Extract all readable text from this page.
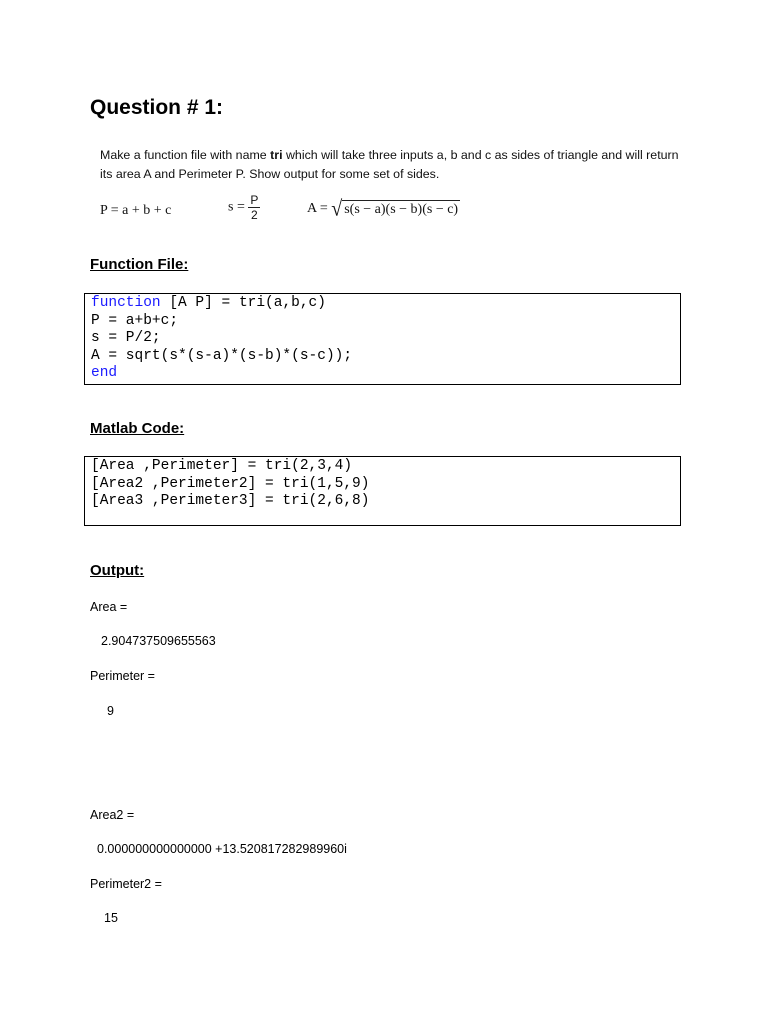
Question # 1:
Make a function file with name tri which will take three inputs a, b and c as sides of triangle and will return its area A and Perimeter P. Show output for some set of sides.
P = a + b + c	$s = \frac{P}{2}$	A = √ s(s − a)(s − b)(s − c)
Function File:
function [A P] = tri(a,b,c)
P = a+b+c;
s = P/2;
A = sqrt(s*(s-a)*(s-b)*(s-c));
end
Matlab Code:
[Area ,Perimeter] = tri(2,3,4)
[Area2 ,Perimeter2] = tri(1,5,9)
[Area3 ,Perimeter3] = tri(2,6,8)
Output:
Area =
2.904737509655563
Perimeter =
9
Area2 =
0.000000000000000 +13.520817282989960i
Perimeter2 =
15
